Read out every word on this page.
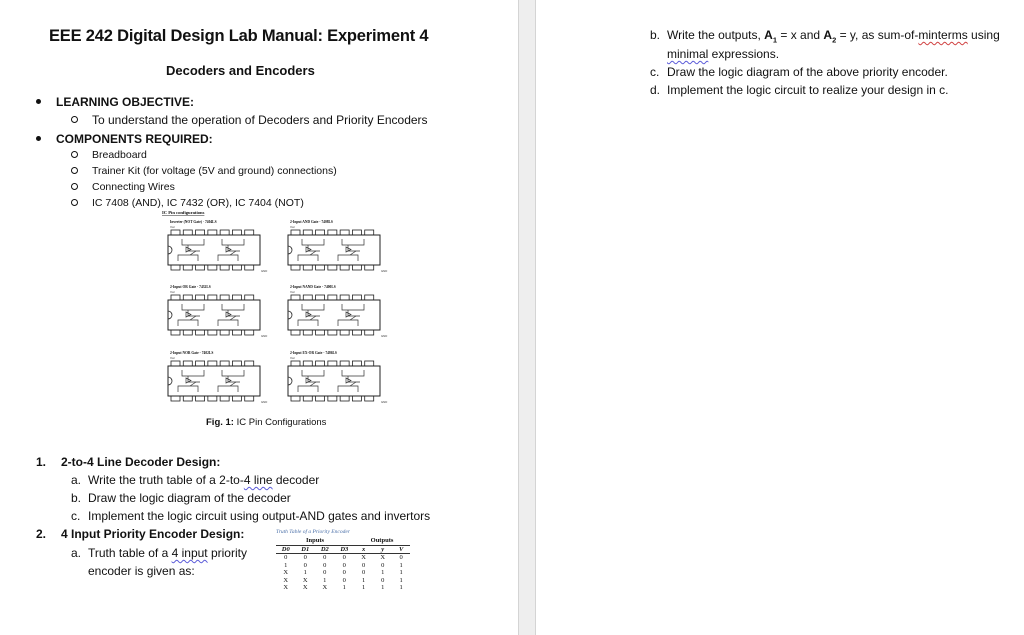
EEE 242 Digital Design Lab Manual: Experiment 4
Decoders and Encoders
LEARNING OBJECTIVE:
To understand the operation of Decoders and Priority Encoders
COMPONENTS REQUIRED:
Breadboard
Trainer Kit (for voltage (5V and ground) connections)
Connecting Wires
IC 7408 (AND), IC 7432 (OR), IC 7404 (NOT)
IC Pin configurations
Inverter (NOT Gate) - 7404LS
Vcc
GND
2-Input AND Gate - 7408LS
Vcc
GND
2-Input OR Gate - 7432LS
Vcc
GND
2-Input NAND Gate - 7400LS
Vcc
GND
2-Input NOR Gate - 7402LS
Vcc
GND
2-Input EX-OR Gate - 7486LS
Vcc
GND
Fig. 1: IC Pin Configurations
1. 2-to-4 Line Decoder Design:
a. Write the truth table of a 2-to-4 line decoder
b. Draw the logic diagram of the decoder
c. Implement the logic circuit using output-AND gates and invertors
2. 4 Input Priority Encoder Design:
a. Truth table of a 4 input priority
encoder is given as:
Truth Table of a Priority Encoder
Inputs				Outputs		
D0	D1	D2	D3	x	y	V
0	0	0	0	X	X	0
1	0	0	0	0	0	1
X	1	0	0	0	1	1
X	X	1	0	1	0	1
X	X	X	1	1	1	1
b. Write the outputs, $A_1 = x$ and $A_2 = y$, as sum-of-minterms using
minimal expressions.
c. Draw the logic diagram of the above priority encoder.
d. Implement the logic circuit to realize your design in c.
